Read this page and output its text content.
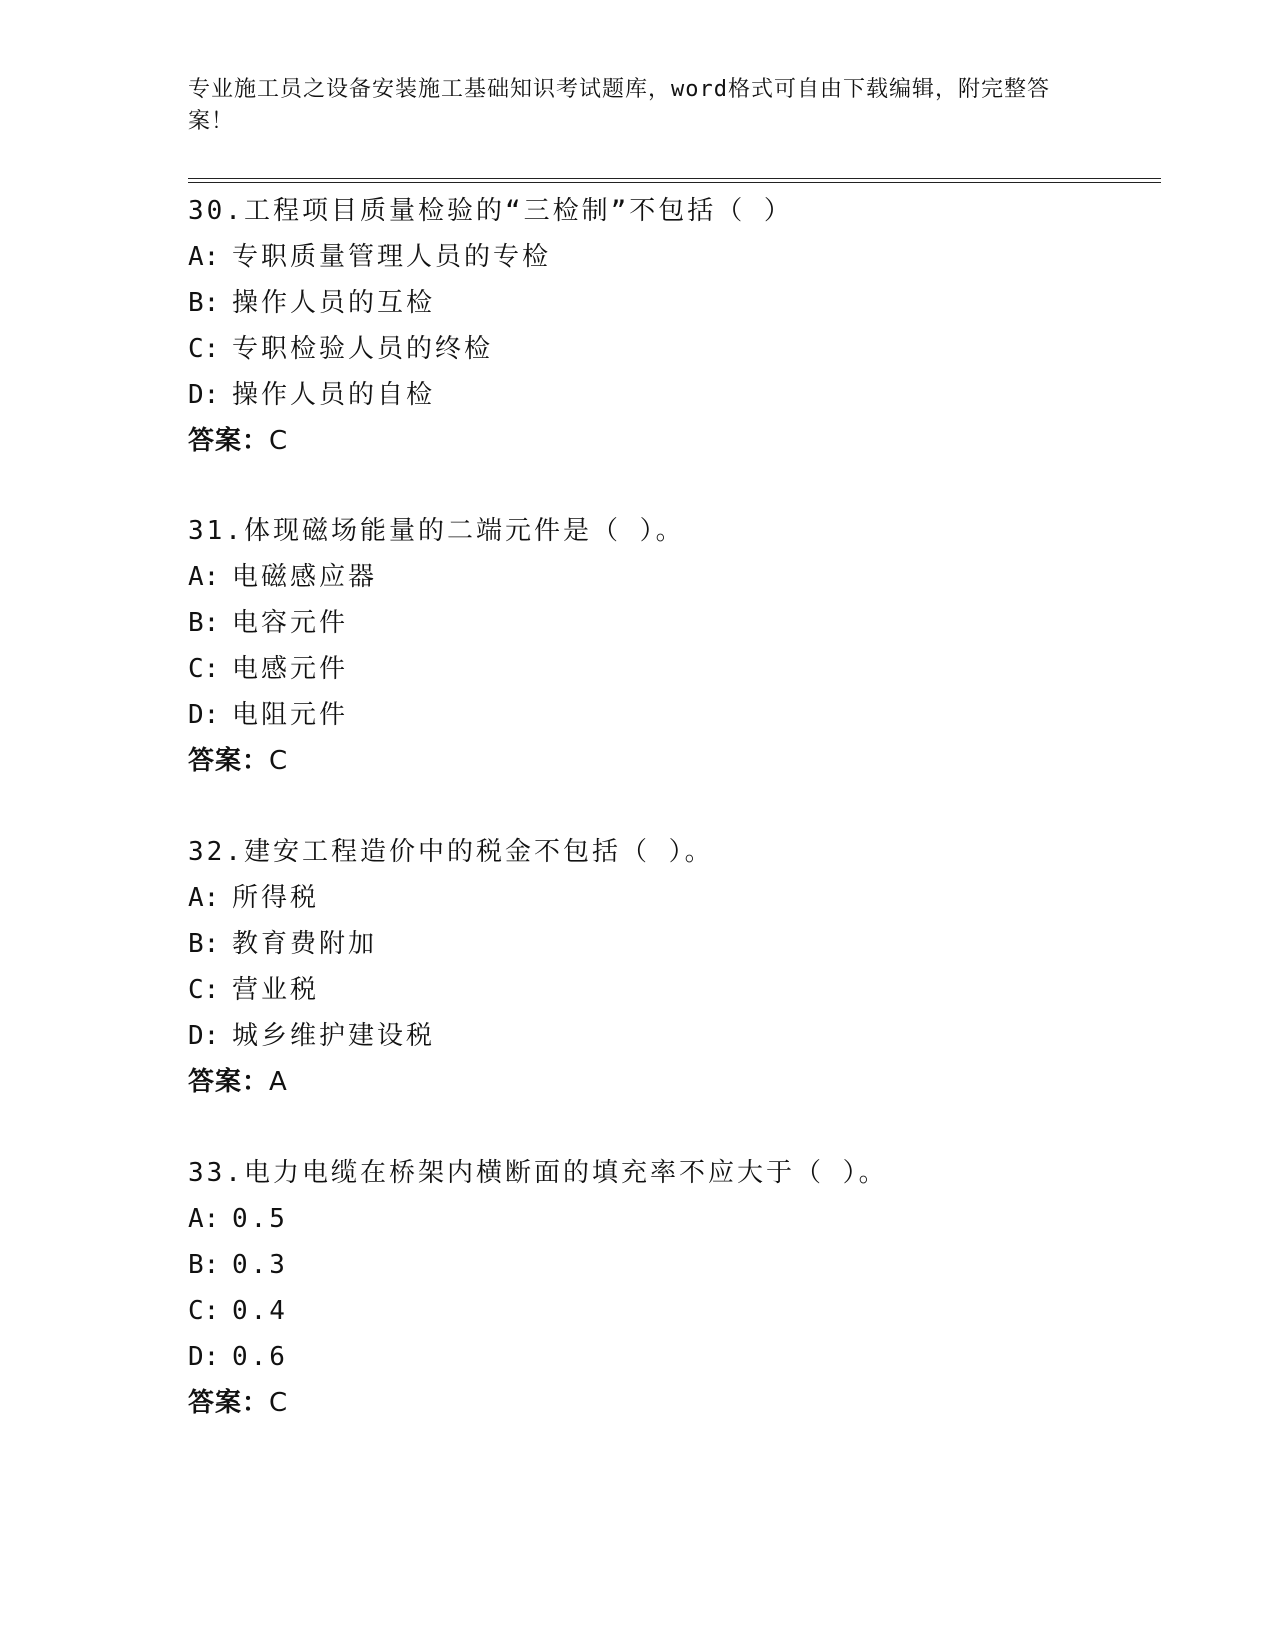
专业施工员之设备安装施工基础知识考试题库，word格式可自由下载编辑，附完整答案！

30.工程项目质量检验的“三检制”不包括（ ）
A: 专职质量管理人员的专检
B: 操作人员的互检
C: 专职检验人员的终检
D: 操作人员的自检
答案：C
31.体现磁场能量的二端元件是（ ）。
A: 电磁感应器
B: 电容元件
C: 电感元件
D: 电阻元件
答案：C
32.建安工程造价中的税金不包括（ ）。
A: 所得税
B: 教育费附加
C: 营业税
D: 城乡维护建设税
答案：A
33.电力电缆在桥架内横断面的填充率不应大于（ ）。
A: 0.5
B: 0.3
C: 0.4
D: 0.6
答案：C
